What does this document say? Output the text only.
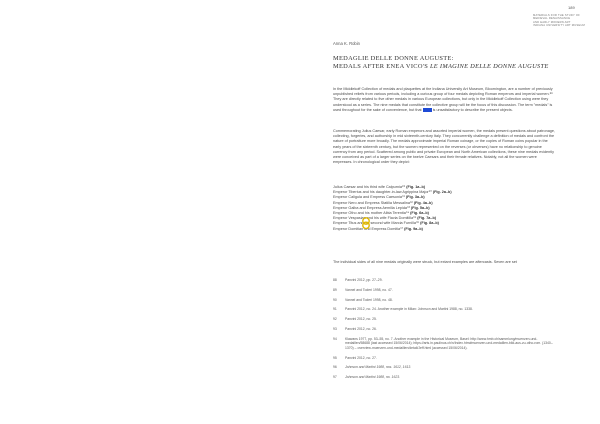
189
MATERIALS FOR THE STUDY OF
MEDIEVAL RENAISSANCE
AND EARLY MODERN ART
INDIANA UNIVERSITY ART MUSEUM
Anna K. Robin
MEDAGLIE DELLE DONNE AUGUSTE:
MEDALS AFTER ENEA VICO'S LE IMAGINE DELLE DONNE AUGUSTE
In the Middlekoff Collection of medals and plaquettes at the Indiana University Art Museum, Bloomington, are a number of previously unpublished reliefs from various periods, including a curious group of four medals depicting Roman emperors and imperial women.⁸⁸ They are directly related to five other medals in various European collections, but only in the Middlekoff Collection using were they understood as a series. The nine medals that constitute the collective group will be the focus of this discussion. The term "medals" is used throughout for the sake of convenience, but that	is unsatisfactory to describe the present objects.
Commemorating Julius Caesar, early Roman emperors and assorted imperial women, the medals present questions about patronage, collecting, forgeries, and authorship in mid sixteenth-century Italy. They concurrently challenge a definition of medals and confront the nature of portraiture more broadly. The medals approximate imperial Roman coinage, or the copies of Roman coins popular in the early years of the sixteenth century, but the women represented on the reverses (or obverses) have no relationship to genuine currency from any period. Scattered among public and private European and North American collections, these nine medals evidently were conceived as part of a larger series on the twelve Caesars and their female relatives. Notably, not all the women were empresses. In chronological order they depict:
Julius Caesar and his third wife Calpurnia⁸⁹ (Fig. 1a–b)
Emperor Tiberius and his daughter-in-law Agrippina Major⁹⁰ (Fig. 2a–b)
Emperor Caligula and Empress Caesonia⁹¹ (Fig. 3a–b)
Emperor Nero and Empress Statilia Messalina⁹² (Fig. 4a–b)
Emperor Galba and Empress Aemilia Lepida⁹³ (Fig. 5a–b)
Emperor Otho and his mother Albia Terentia⁹⁴ (Fig. 6a–b)
Emperor Vespasian and his wife Flavia Domitilla⁹⁵ (Fig. 7a–b)
Emperor Titus and his second wife Marcia Furnilla⁹⁶ (Fig. 8a–b)
Emperor Domitian and Empress Domitia⁹⁷ (Fig. 9a–b)
The individual sides of all nine medals originally were struck, but extant examples are aftercasts. Seven are set
88 Panvini 2012, pp. 27–29.
89 Vannel and Toderi 1998, no. 47.
90 Vannel and Toderi 1998, no. 48.
91 Panvini 2012, no. 24. Another example in Milan: Johnson and Martini 1988, no. 1338.
92 Panvini 2012, no. 25.
93 Panvini 2012, no. 26.
94 Klawans 1977, pp. 53–55, no. 7. Another example in the Historical Museum, Basel: http://www.hmb.ch/sammlung/muenzen-und-medaillen/58688 (last accessed 15/06/2014); https://arts.in.paulinus.ch/n/Index.htm#muenzen-und-medaillen-bild-aus-zu-otho-rom. (1340–1370) – overview-muenzen-und-medaillen/detail/Jeff.html (accessed 15/06/2014).
95 Panvini 2012, no. 27.
96 Johnson and Martini 1988, nos. 1612, 1613.
97 Johnson and Martini 1988, no. 1623.
